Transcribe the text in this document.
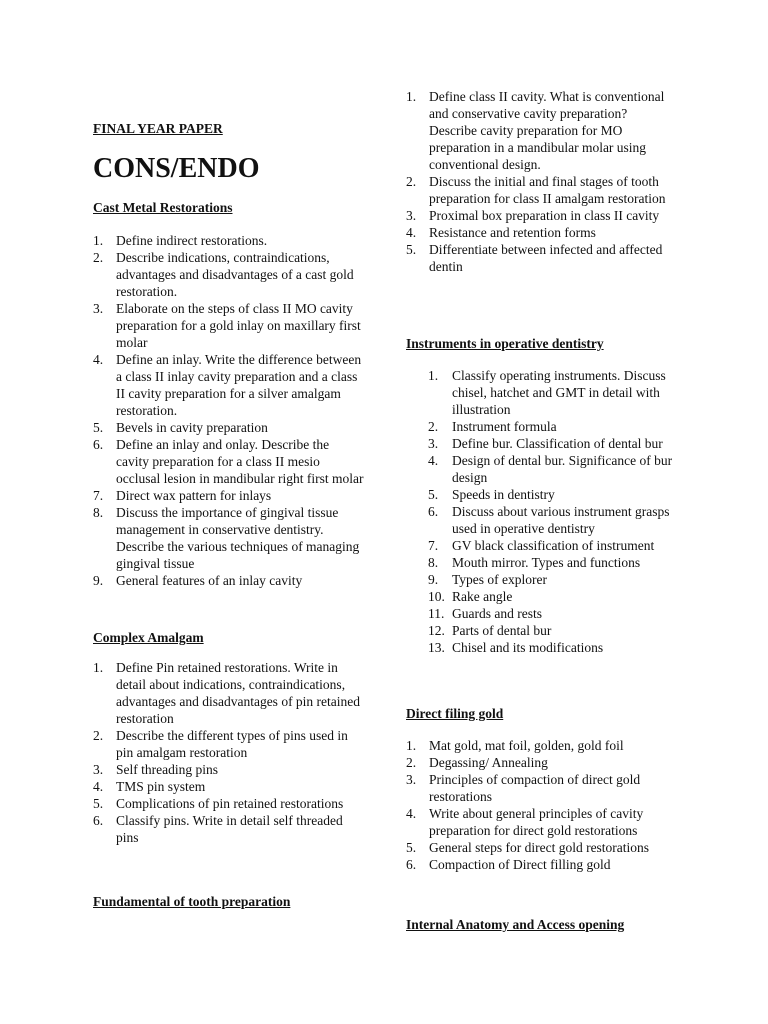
FINAL YEAR PAPER
CONS/ENDO
Cast Metal Restorations
1. Define indirect restorations.
2. Describe indications, contraindications, advantages and disadvantages of a cast gold restoration.
3. Elaborate on the steps of class II MO cavity preparation for a gold inlay on maxillary first molar
4. Define an inlay. Write the difference between a class II inlay cavity preparation and a class II cavity preparation for a silver amalgam restoration.
5. Bevels in cavity preparation
6. Define an inlay and onlay. Describe the cavity preparation for a class II mesio occlusal lesion in mandibular right first molar
7. Direct wax pattern for inlays
8. Discuss the importance of gingival tissue management in conservative dentistry. Describe the various techniques of managing gingival tissue
9. General features of an inlay cavity
Complex Amalgam
1. Define Pin retained restorations. Write in detail about indications, contraindications, advantages and disadvantages of pin retained restoration
2. Describe the different types of pins used in pin amalgam restoration
3. Self threading pins
4. TMS pin system
5. Complications of pin retained restorations
6. Classify pins. Write in detail self threaded pins
Fundamental of tooth preparation
1. Define class II cavity. What is conventional and conservative cavity preparation? Describe cavity preparation for MO preparation in a mandibular molar using conventional design.
2. Discuss the initial and final stages of tooth preparation for class II amalgam restoration
3. Proximal box preparation in class II cavity
4. Resistance and retention forms
5. Differentiate between infected and affected dentin
Instruments in operative dentistry
1. Classify operating instruments. Discuss chisel, hatchet and GMT in detail with illustration
2. Instrument formula
3. Define bur. Classification of dental bur
4. Design of dental bur. Significance of bur design
5. Speeds in dentistry
6. Discuss about various instrument grasps used in operative dentistry
7. GV black classification of instrument
8. Mouth mirror. Types and functions
9. Types of explorer
10. Rake angle
11. Guards and rests
12. Parts of dental bur
13. Chisel and its modifications
Direct filing gold
1. Mat gold, mat foil, golden, gold foil
2. Degassing/ Annealing
3. Principles of compaction of direct gold restorations
4. Write about general principles of cavity preparation for direct gold restorations
5. General steps for direct gold restorations
6. Compaction of Direct filling gold
Internal Anatomy and Access opening
